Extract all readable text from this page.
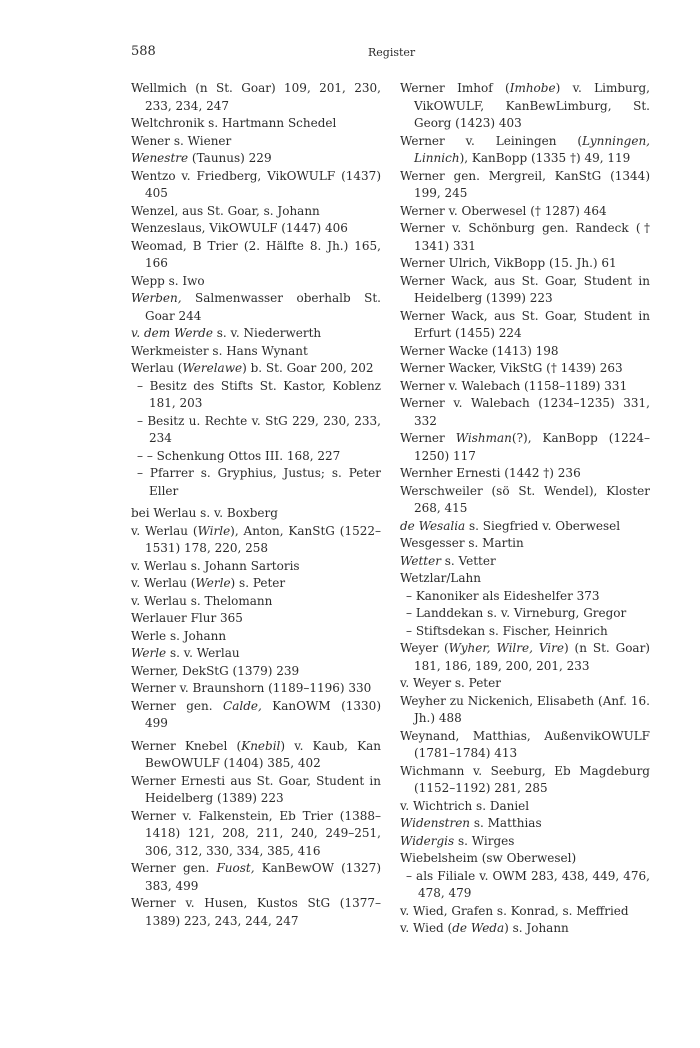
588	Register
Wellmich (n St. Goar) 109, 201, 230, 233, 234, 247
Weltchronik s. Hartmann Schedel
Wener s. Wiener
Wenestre (Taunus) 229
Wentzo v. Friedberg, VikOWULF (1437) 405
Wenzel, aus St. Goar, s. Johann
Wenzeslaus, VikOWULF (1447) 406
Weomad, B Trier (2. Hälfte 8. Jh.) 165, 166
Wepp s. Iwo
Werben, Salmenwasser oberhalb St. Goar 244
v. dem Werde s. v. Niederwerth
Werkmeister s. Hans Wynant
Werlau (Werelawe) b. St. Goar 200, 202
– Besitz des Stifts St. Kastor, Koblenz 181, 203
– Besitz u. Rechte v. StG 229, 230, 233, 234
– – Schenkung Ottos III. 168, 227
– Pfarrer s. Gryphius, Justus; s. Peter Eller
bei Werlau s. v. Boxberg
v. Werlau (Wirle), Anton, KanStG (1522–1531) 178, 220, 258
v. Werlau s. Johann Sartoris
v. Werlau (Werle) s. Peter
v. Werlau s. Thelomann
Werlauer Flur 365
Werle s. Johann
Werle s. v. Werlau
Werner, DekStG (1379) 239
Werner v. Braunshorn (1189–1196) 330
Werner gen. Calde, KanOWM (1330) 499
Werner Knebel (Knebil) v. Kaub, Kan BewOWULF (1404) 385, 402
Werner Ernesti aus St. Goar, Student in Heidelberg (1389) 223
Werner v. Falkenstein, Eb Trier (1388–1418) 121, 208, 211, 240, 249–251, 306, 312, 330, 334, 385, 416
Werner gen. Fuost, KanBewOW (1327) 383, 499
Werner v. Husen, Kustos StG (1377–1389) 223, 243, 244, 247
Werner Imhof (Imhobe) v. Limburg, VikOWULF, KanBewLimburg, St. Georg (1423) 403
Werner v. Leiningen (Lynningen, Linnich), KanBopp (1335 †) 49, 119
Werner gen. Mergreil, KanStG (1344) 199, 245
Werner v. Oberwesel († 1287) 464
Werner v. Schönburg gen. Randeck († 1341) 331
Werner Ulrich, VikBopp (15. Jh.) 61
Werner Wack, aus St. Goar, Student in Heidelberg (1399) 223
Werner Wack, aus St. Goar, Student in Erfurt (1455) 224
Werner Wacke (1413) 198
Werner Wacker, VikStG († 1439) 263
Werner v. Walebach (1158–1189) 331
Werner v. Walebach (1234–1235) 331, 332
Werner Wishman(?), KanBopp (1224–1250) 117
Wernher Ernesti (1442 †) 236
Werschweiler (sö St. Wendel), Kloster 268, 415
de Wesalia s. Siegfried v. Oberwesel
Wesgesser s. Martin
Wetter s. Vetter
Wetzlar/Lahn
– Kanoniker als Eideshelfer 373
– Landdekan s. v. Virneburg, Gregor
– Stiftsdekan s. Fischer, Heinrich
Weyer (Wyher, Wilre, Vire) (n St. Goar) 181, 186, 189, 200, 201, 233
v. Weyer s. Peter
Weyher zu Nickenich, Elisabeth (Anf. 16. Jh.) 488
Weynand, Matthias, AußenvikOWULF (1781–1784) 413
Wichmann v. Seeburg, Eb Magdeburg (1152–1192) 281, 285
v. Wichtrich s. Daniel
Widenstren s. Matthias
Widergis s. Wirges
Wiebelsheim (sw Oberwesel)
– als Filiale v. OWM 283, 438, 449, 476, 478, 479
v. Wied, Grafen s. Konrad, s. Meffried
v. Wied (de Weda) s. Johann
